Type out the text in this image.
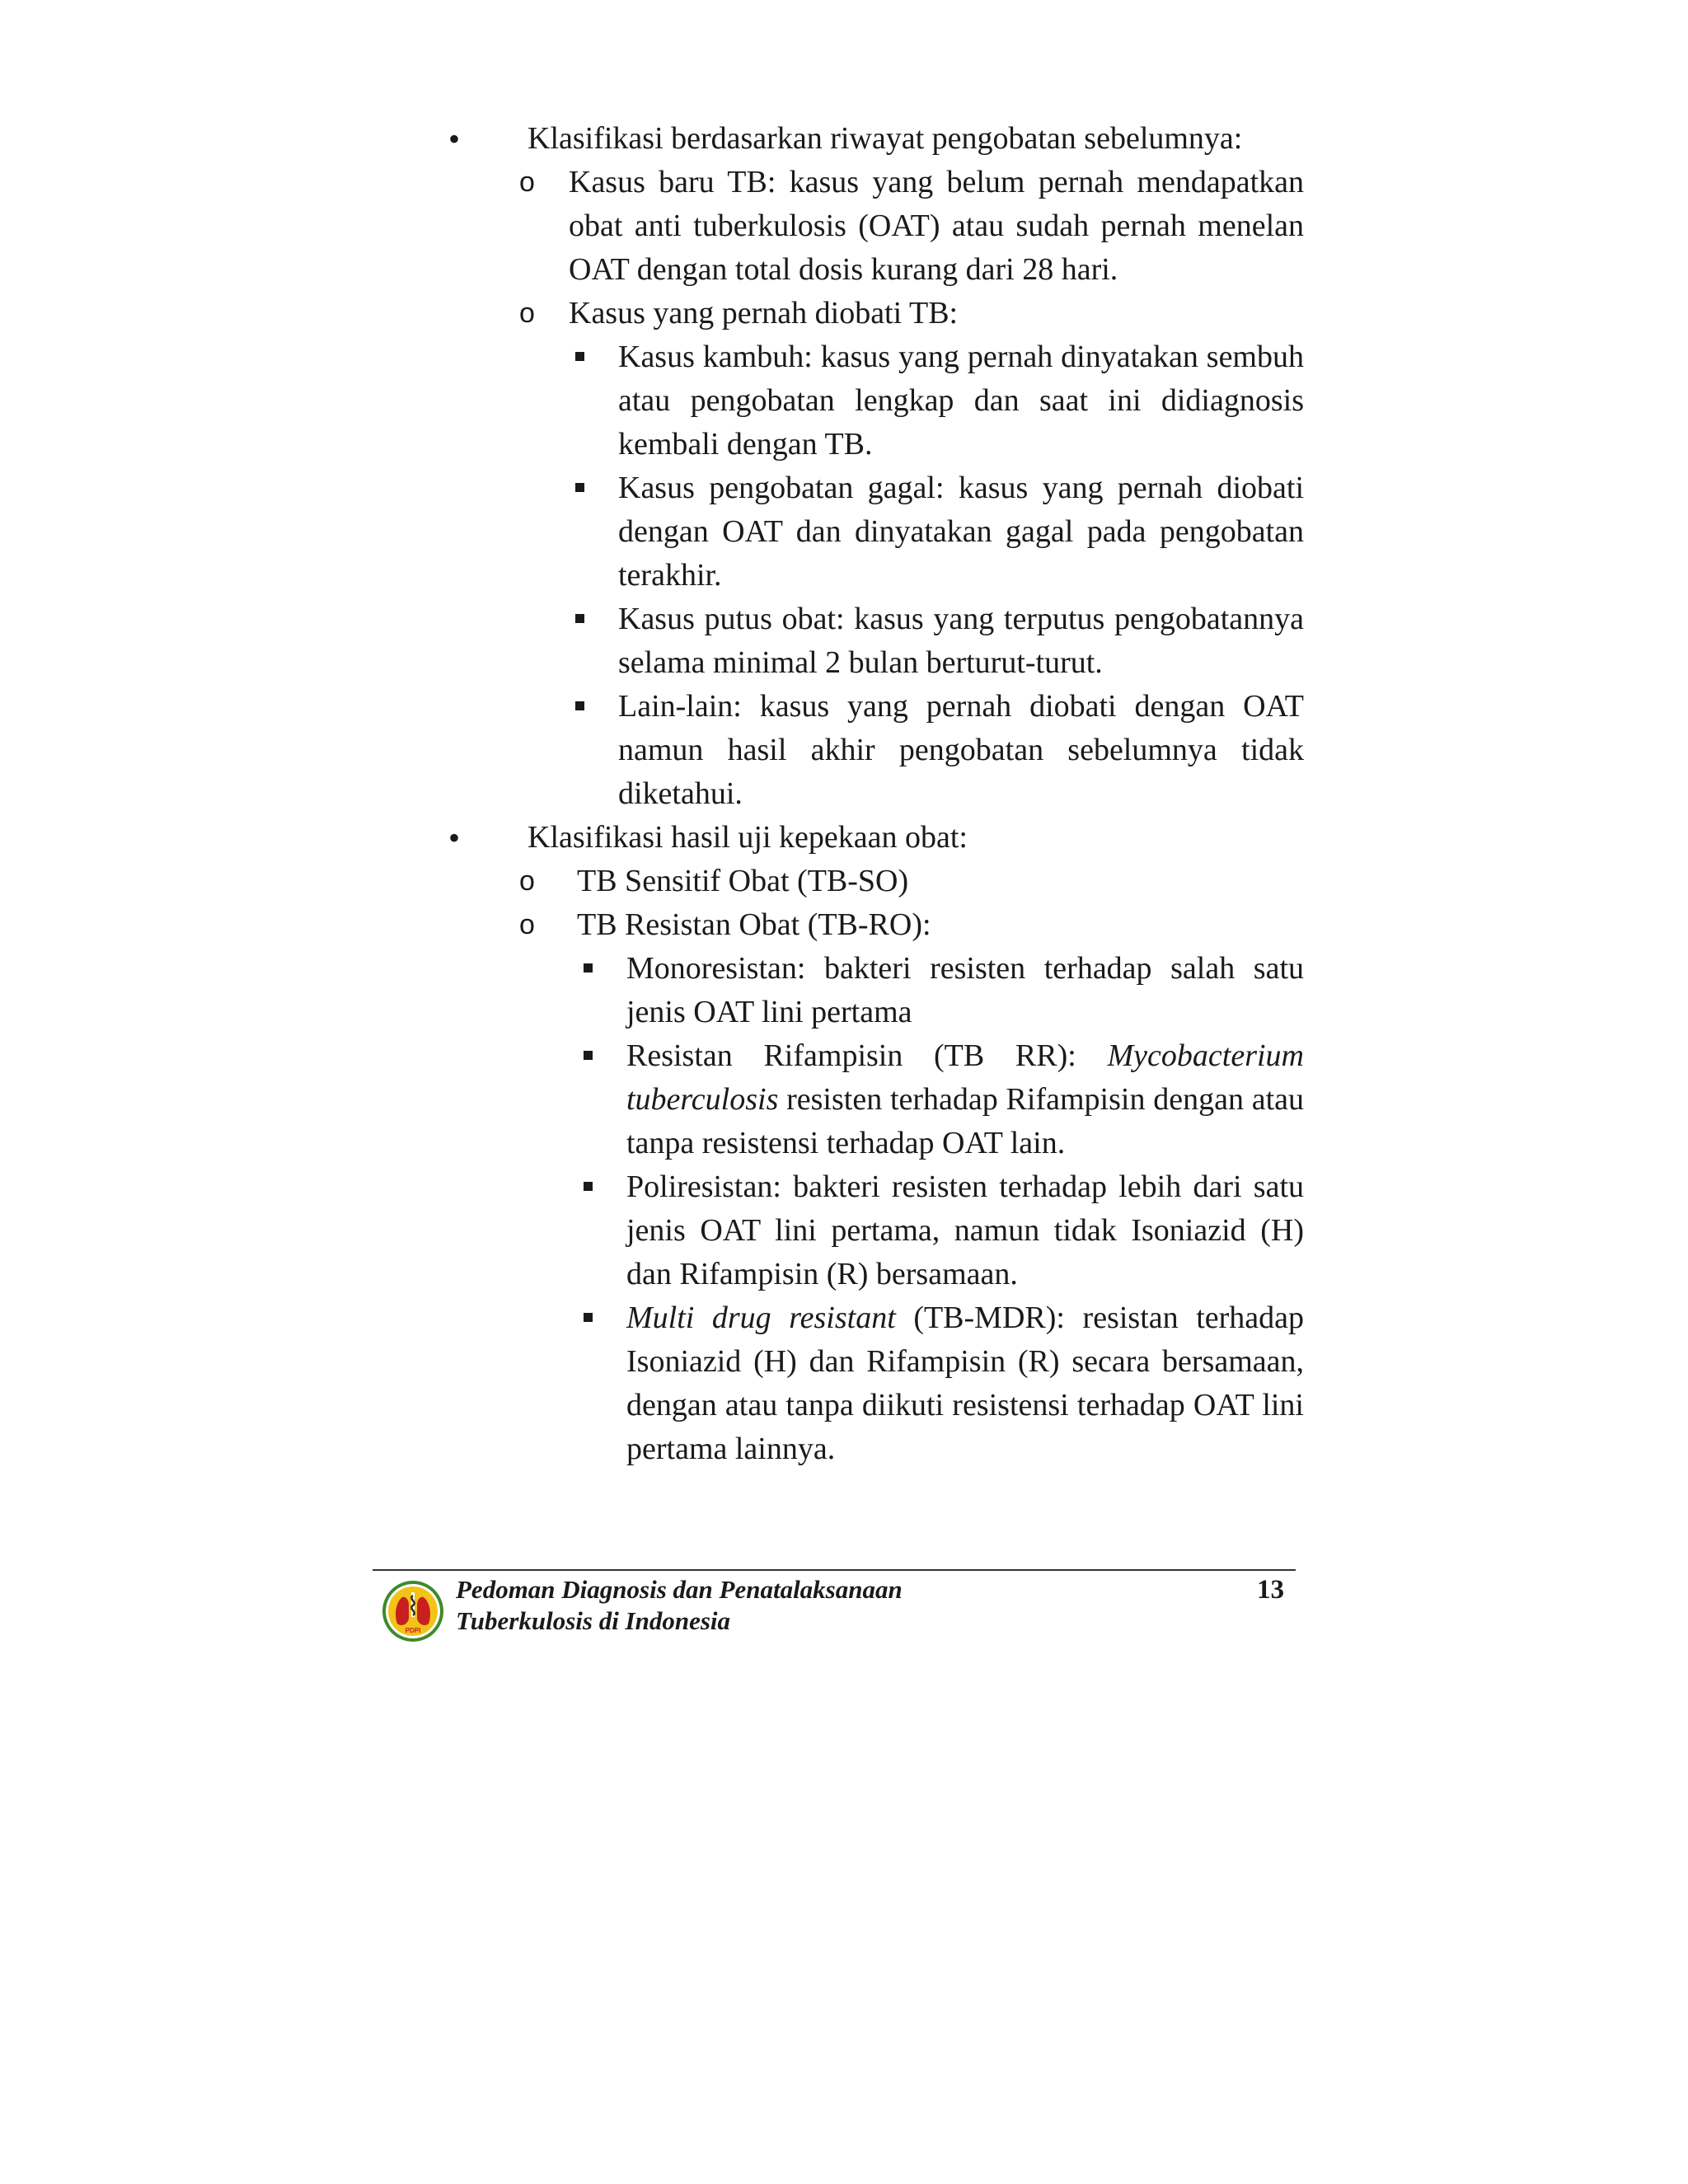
• Klasifikasi berdasarkan riwayat pengobatan sebelumnya:
o Kasus baru TB: kasus yang belum pernah mendapatkan obat anti tuberkulosis (OAT) atau sudah pernah menelan OAT dengan total dosis kurang dari 28 hari.
o Kasus yang pernah diobati TB:
Kasus kambuh: kasus yang pernah dinyatakan sembuh atau pengobatan lengkap dan saat ini didiagnosis kembali dengan TB.
Kasus pengobatan gagal: kasus yang pernah diobati dengan OAT dan dinyatakan gagal pada pengobatan terakhir.
Kasus putus obat: kasus yang terputus pengobatannya selama minimal 2 bulan berturut-turut.
Lain-lain: kasus yang pernah diobati dengan OAT namun hasil akhir pengobatan sebelumnya tidak diketahui.
• Klasifikasi hasil uji kepekaan obat:
o TB Sensitif Obat (TB-SO)
o TB Resistan Obat (TB-RO):
Monoresistan: bakteri resisten terhadap salah satu jenis OAT lini pertama
Resistan Rifampisin (TB RR): Mycobacterium tuberculosis resisten terhadap Rifampisin dengan atau tanpa resistensi terhadap OAT lain.
Poliresistan: bakteri resisten terhadap lebih dari satu jenis OAT lini pertama, namun tidak Isoniazid (H) dan Rifampisin (R) bersamaan.
Multi drug resistant (TB-MDR): resistan terhadap Isoniazid (H) dan Rifampisin (R) secara bersamaan, dengan atau tanpa diikuti resistensi terhadap OAT lini pertama lainnya.
PDPI
Pedoman Diagnosis dan Penatalaksanaan
Tuberkulosis di Indonesia
13
